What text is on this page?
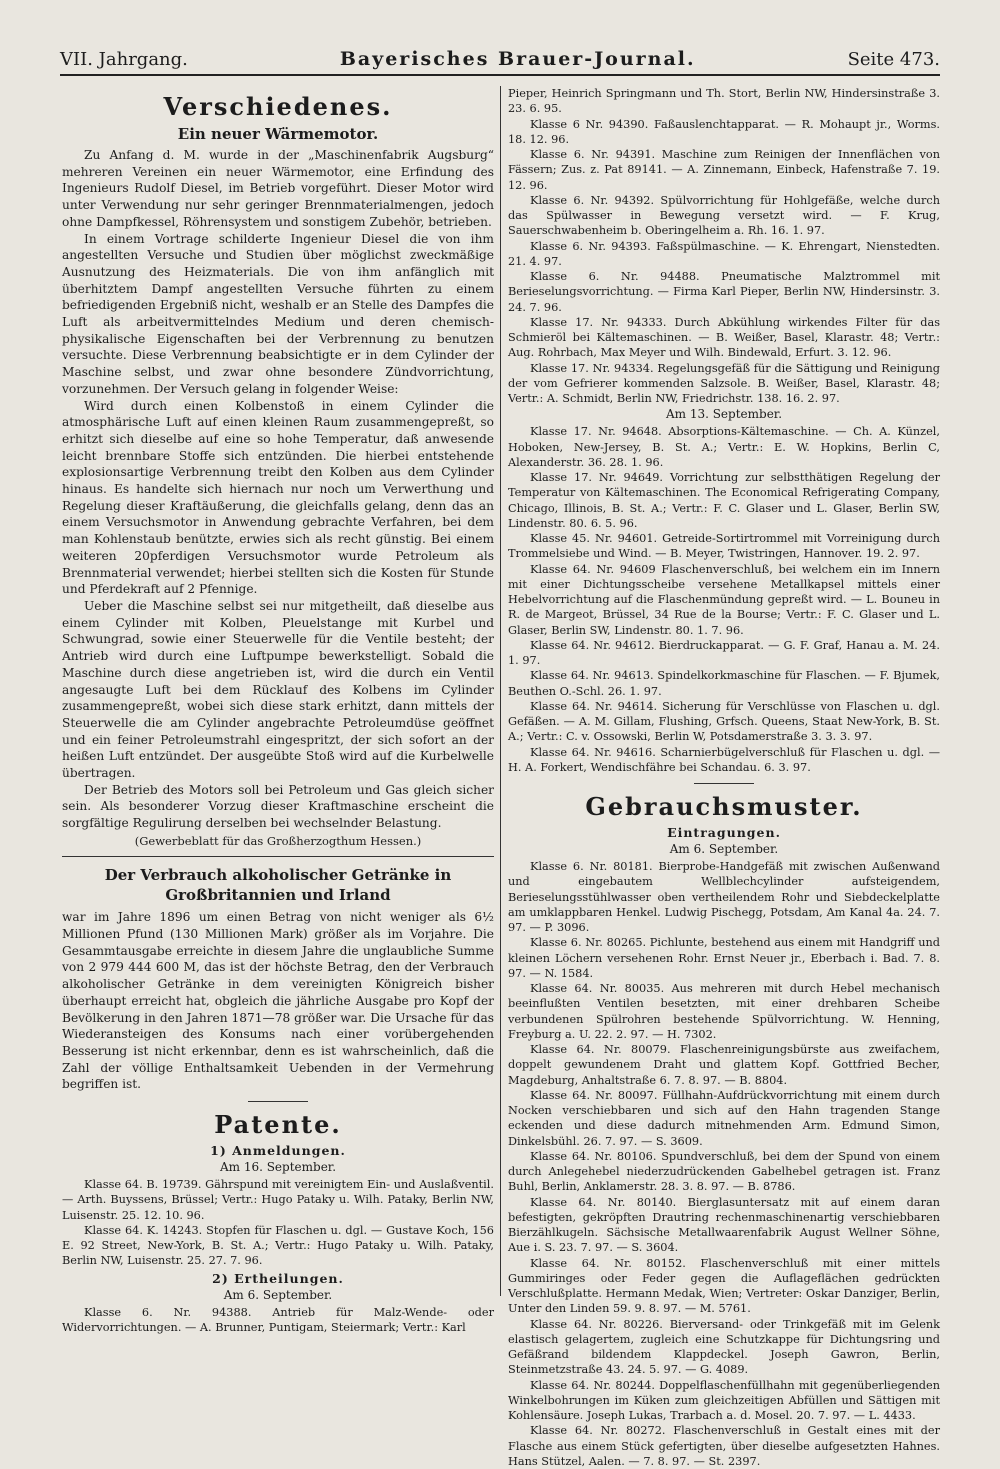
VII. Jahrgang.	Bayerisches Brauer-Journal.	Seite 473.
Verschiedenes.
Ein neuer Wärmemotor.

Zu Anfang d. M. wurde in der „Maschinenfabrik Augsburg“ mehreren Vereinen ein neuer Wärmemotor, eine Erfindung des Ingenieurs Rudolf Diesel, im Betrieb vorgeführt. Dieser Motor wird unter Verwendung nur sehr geringer Brennmaterialmengen, jedoch ohne Dampfkessel, Röhrensystem und sonstigem Zubehör, betrieben.

In einem Vortrage schilderte Ingenieur Diesel die von ihm angestellten Versuche und Studien über möglichst zweckmäßige Ausnutzung des Heizmaterials. Die von ihm anfänglich mit überhitztem Dampf angestellten Versuche führten zu einem befriedigenden Ergebniß nicht, weshalb er an Stelle des Dampfes die Luft als arbeitvermittelndes Medium und deren chemisch-physikalische Eigenschaften bei der Verbrennung zu benutzen versuchte. Diese Verbrennung beabsichtigte er in dem Cylinder der Maschine selbst, und zwar ohne besondere Zündvorrichtung, vorzunehmen. Der Versuch gelang in folgender Weise:

Wird durch einen Kolbenstoß in einem Cylinder die atmosphärische Luft auf einen kleinen Raum zusammengepreßt, so erhitzt sich dieselbe auf eine so hohe Temperatur, daß anwesende leicht brennbare Stoffe sich entzünden. Die hierbei entstehende explosionsartige Verbrennung treibt den Kolben aus dem Cylinder hinaus. Es handelte sich hiernach nur noch um Verwerthung und Regelung dieser Kraftäußerung, die gleichfalls gelang, denn das an einem Versuchsmotor in Anwendung gebrachte Verfahren, bei dem man Kohlenstaub benützte, erwies sich als recht günstig. Bei einem weiteren 20pferdigen Versuchsmotor wurde Petroleum als Brennmaterial verwendet; hierbei stellten sich die Kosten für Stunde und Pferdekraft auf 2 Pfennige.

Ueber die Maschine selbst sei nur mitgetheilt, daß dieselbe aus einem Cylinder mit Kolben, Pleuelstange mit Kurbel und Schwungrad, sowie einer Steuerwelle für die Ventile besteht; der Antrieb wird durch eine Luftpumpe bewerkstelligt. Sobald die Maschine durch diese angetrieben ist, wird die durch ein Ventil angesaugte Luft bei dem Rücklauf des Kolbens im Cylinder zusammengepreßt, wobei sich diese stark erhitzt, dann mittels der Steuerwelle die am Cylinder angebrachte Petroleumdüse geöffnet und ein feiner Petroleumstrahl eingespritzt, der sich sofort an der heißen Luft entzündet. Der ausgeübte Stoß wird auf die Kurbelwelle übertragen.

Der Betrieb des Motors soll bei Petroleum und Gas gleich sicher sein. Als besonderer Vorzug dieser Kraftmaschine erscheint die sorgfältige Regulirung derselben bei wechselnder Belastung.

(Gewerbeblatt für das Großherzogthum Hessen.)
Der Verbrauch alkoholischer Getränke in Großbritannien und Irland

war im Jahre 1896 um einen Betrag von nicht weniger als 6½ Millionen Pfund (130 Millionen Mark) größer als im Vorjahre. Die Gesammtausgabe erreichte in diesem Jahre die unglaubliche Summe von 2 979 444 600 M, das ist der höchste Betrag, den der Verbrauch alkoholischer Getränke in dem vereinigten Königreich bisher überhaupt erreicht hat, obgleich die jährliche Ausgabe pro Kopf der Bevölkerung in den Jahren 1871—78 größer war. Die Ursache für das Wiederansteigen des Konsums nach einer vorübergehenden Besserung ist nicht erkennbar, denn es ist wahrscheinlich, daß die Zahl der völlige Enthaltsamkeit Uebenden in der Vermehrung begriffen ist.

Patente.
1) Anmeldungen.
Am 16. September.

Klasse 64. B. 19739. Gährspund mit vereinigtem Ein- und Auslaßventil. — Arth. Buyssens, Brüssel; Vertr.: Hugo Pataky u. Wilh. Pataky, Berlin NW, Luisenstr. 25. 12. 10. 96.

Klasse 64. K. 14243. Stopfen für Flaschen u. dgl. — Gustave Koch, 156 E. 92 Street, New-York, B. St. A.; Vertr.: Hugo Pataky u. Wilh. Pataky, Berlin NW, Luisenstr. 25. 27. 7. 96.

2) Ertheilungen.
Am 6. September.

Klasse 6. Nr. 94388. Antrieb für Malz-Wende- oder Widervorrichtungen. — A. Brunner, Puntigam, Steiermark; Vertr.: Karl

Pieper, Heinrich Springmann und Th. Stort, Berlin NW, Hindersinstraße 3. 23. 6. 95.

Klasse 6 Nr. 94390. Faßauslenchtapparat. — R. Mohaupt jr., Worms. 18. 12. 96.

Klasse 6. Nr. 94391. Maschine zum Reinigen der Innenflächen von Fässern; Zus. z. Pat 89141. — A. Zinnemann, Einbeck, Hafenstraße 7. 19. 12. 96.

Klasse 6. Nr. 94392. Spülvorrichtung für Hohlgefäße, welche durch das Spülwasser in Bewegung versetzt wird. — F. Krug, Sauerschwabenheim b. Oberingelheim a. Rh. 16. 1. 97.

Klasse 6. Nr. 94393. Faßspülmaschine. — K. Ehrengart, Nienstedten. 21. 4. 97.

Klasse 6. Nr. 94488. Pneumatische Malztrommel mit Berieselungsvorrichtung. — Firma Karl Pieper, Berlin NW, Hindersinstr. 3. 24. 7. 96.

Klasse 17. Nr. 94333. Durch Abkühlung wirkendes Filter für das Schmieröl bei Kältemaschinen. — B. Weißer, Basel, Klarastr. 48; Vertr.: Aug. Rohrbach, Max Meyer und Wilh. Bindewald, Erfurt. 3. 12. 96.

Klasse 17. Nr. 94334. Regelungsgefäß für die Sättigung und Reinigung der vom Gefrierer kommenden Salzsole. B. Weißer, Basel, Klarastr. 48; Vertr.: A. Schmidt, Berlin NW, Friedrichstr. 138. 16. 2. 97.

Am 13. September.

Klasse 17. Nr. 94648. Absorptions-Kältemaschine. — Ch. A. Künzel, Hoboken, New-Jersey, B. St. A.; Vertr.: E. W. Hopkins, Berlin C, Alexanderstr. 36. 28. 1. 96.

Klasse 17. Nr. 94649. Vorrichtung zur selbstthätigen Regelung der Temperatur von Kältemaschinen. The Economical Refrigerating Company, Chicago, Illinois, B. St. A.; Vertr.: F. C. Glaser und L. Glaser, Berlin SW, Lindenstr. 80. 6. 5. 96.

Klasse 45. Nr. 94601. Getreide-Sortirtrommel mit Vorreinigung durch Trommelsiebe und Wind. — B. Meyer, Twistringen, Hannover. 19. 2. 97.

Klasse 64. Nr. 94609 Flaschenverschluß, bei welchem ein im Innern mit einer Dichtungsscheibe versehene Metallkapsel mittels einer Hebelvorrichtung auf die Flaschenmündung gepreßt wird. — L. Bouneu in R. de Margeot, Brüssel, 34 Rue de la Bourse; Vertr.: F. C. Glaser und L. Glaser, Berlin SW, Lindenstr. 80. 1. 7. 96.

Klasse 64. Nr. 94612. Bierdruckapparat. — G. F. Graf, Hanau a. M. 24. 1. 97.

Klasse 64. Nr. 94613. Spindelkorkmaschine für Flaschen. — F. Bjumek, Beuthen O.-Schl. 26. 1. 97.

Klasse 64. Nr. 94614. Sicherung für Verschlüsse von Flaschen u. dgl. Gefäßen. — A. M. Gillam, Flushing, Grfsch. Queens, Staat New-York, B. St. A.; Vertr.: C. v. Ossowski, Berlin W, Potsdamerstraße 3. 3. 3. 97.

Klasse 64. Nr. 94616. Scharnierbügelverschluß für Flaschen u. dgl. — H. A. Forkert, Wendischfähre bei Schandau. 6. 3. 97.

Gebrauchsmuster.
Eintragungen.
Am 6. September.

Klasse 6. Nr. 80181. Bierprobe-Handgefäß mit zwischen Außenwand und eingebautem Wellblechcylinder aufsteigendem, Berieselungsstühlwasser oben vertheilendem Rohr und Siebdeckelplatte am umklappbaren Henkel. Ludwig Pischegg, Potsdam, Am Kanal 4a. 24. 7. 97. — P. 3096.

Klasse 6. Nr. 80265. Pichlunte, bestehend aus einem mit Handgriff und kleinen Löchern versehenen Rohr. Ernst Neuer jr., Eberbach i. Bad. 7. 8. 97. — N. 1584.

Klasse 64. Nr. 80035. Aus mehreren mit durch Hebel mechanisch beeinflußten Ventilen besetzten, mit einer drehbaren Scheibe verbundenen Spülrohren bestehende Spülvorrichtung. W. Henning, Freyburg a. U. 22. 2. 97. — H. 7302.

Klasse 64. Nr. 80079. Flaschenreinigungsbürste aus zweifachem, doppelt gewundenem Draht und glattem Kopf. Gottfried Becher, Magdeburg, Anhaltstraße 6. 7. 8. 97. — B. 8804.

Klasse 64. Nr. 80097. Füllhahn-Aufdrückvorrichtung mit einem durch Nocken verschiebbaren und sich auf den Hahn tragenden Stange eckenden und diese dadurch mitnehmenden Arm. Edmund Simon, Dinkelsbühl. 26. 7. 97. — S. 3609.

Klasse 64. Nr. 80106. Spundverschluß, bei dem der Spund von einem durch Anlegehebel niederzudrückenden Gabelhebel getragen ist. Franz Buhl, Berlin, Anklamerstr. 28. 3. 8. 97. — B. 8786.

Klasse 64. Nr. 80140. Bierglasuntersatz mit auf einem daran befestigten, gekröpften Drautring rechenmaschinenartig verschiebbaren Bierzählkugeln. Sächsische Metallwaarenfabrik August Wellner Söhne, Aue i. S. 23. 7. 97. — S. 3604.

Klasse 64. Nr. 80152. Flaschenverschluß mit einer mittels Gummiringes oder Feder gegen die Auflageflächen gedrückten Verschlußplatte. Hermann Medak, Wien; Vertreter: Oskar Danziger, Berlin, Unter den Linden 59. 9. 8. 97. — M. 5761.

Klasse 64. Nr. 80226. Bierversand- oder Trinkgefäß mit im Gelenk elastisch gelagertem, zugleich eine Schutzkappe für Dichtungsring und Gefäßrand bildendem Klappdeckel. Joseph Gawron, Berlin, Steinmetzstraße 43. 24. 5. 97. — G. 4089.

Klasse 64. Nr. 80244. Doppelflaschenfüllhahn mit gegenüberliegenden Winkelbohrungen im Küken zum gleichzeitigen Abfüllen und Sättigen mit Kohlensäure. Joseph Lukas, Trarbach a. d. Mosel. 20. 7. 97. — L. 4433.

Klasse 64. Nr. 80272. Flaschenverschluß in Gestalt eines mit der Flasche aus einem Stück gefertigten, über dieselbe aufgesetzten Hahnes. Hans Stützel, Aalen. — 7. 8. 97. — St. 2397.
